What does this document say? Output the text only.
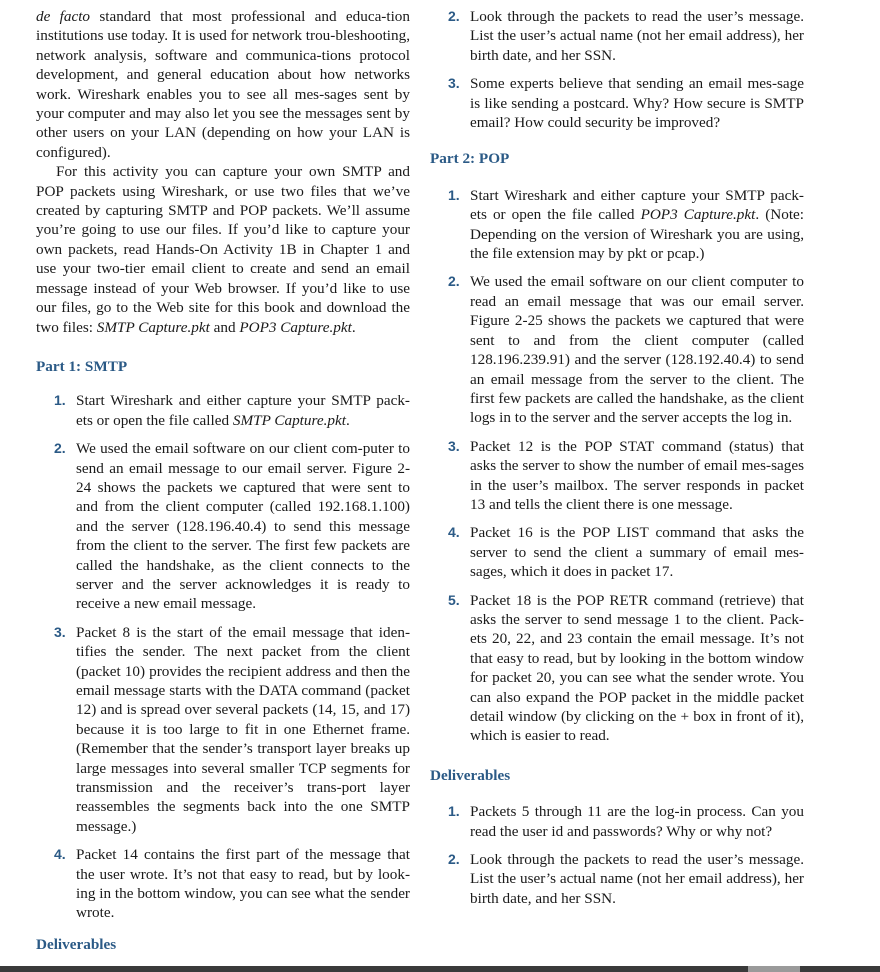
de facto standard that most professional and educa-tion institutions use today. It is used for network trou-bleshooting, network analysis, software and communica-tions protocol development, and general education about how networks work. Wireshark enables you to see all mes-sages sent by your computer and may also let you see the messages sent by other users on your LAN (depending on how your LAN is configured).

For this activity you can capture your own SMTP and POP packets using Wireshark, or use two files that we’ve created by capturing SMTP and POP packets. We’ll assume you’re going to use our files. If you’d like to capture your own packets, read Hands-On Activity 1B in Chapter 1 and use your two-tier email client to create and send an email message instead of your Web browser. If you’d like to use our files, go to the Web site for this book and download the two files: SMTP Capture.pkt and POP3 Capture.pkt.

Part 1: SMTP
1. Start Wireshark and either capture your SMTP pack-ets or open the file called SMTP Capture.pkt.
2. We used the email software on our client com-puter to send an email message to our email server. Figure 2-24 shows the packets we captured that were sent to and from the client computer (called 192.168.1.100) and the server (128.196.40.4) to send this message from the client to the server. The first few packets are called the handshake, as the client connects to the server and the server acknowledges it is ready to receive a new email message.
3. Packet 8 is the start of the email message that iden-tifies the sender. The next packet from the client (packet 10) provides the recipient address and then the email message starts with the DATA command (packet 12) and is spread over several packets (14, 15, and 17) because it is too large to fit in one Ethernet frame. (Remember that the sender’s transport layer breaks up large messages into several smaller TCP segments for transmission and the receiver’s trans-port layer reassembles the segments back into the one SMTP message.)
4. Packet 14 contains the first part of the message that the user wrote. It’s not that easy to read, but by look-ing in the bottom window, you can see what the sender wrote.
Deliverables
2. Look through the packets to read the user’s message. List the user’s actual name (not her email address), her birth date, and her SSN.
3. Some experts believe that sending an email mes-sage is like sending a postcard. Why? How secure is SMTP email? How could security be improved?
Part 2: POP
1. Start Wireshark and either capture your SMTP pack-ets or open the file called POP3 Capture.pkt. (Note: Depending on the version of Wireshark you are using, the file extension may by pkt or pcap.)
2. We used the email software on our client computer to read an email message that was our email server. Figure 2-25 shows the packets we captured that were sent to and from the client computer (called 128.196.239.91) and the server (128.192.40.4) to send an email message from the server to the client. The first few packets are called the handshake, as the client logs in to the server and the server accepts the log in.
3. Packet 12 is the POP STAT command (status) that asks the server to show the number of email mes-sages in the user’s mailbox. The server responds in packet 13 and tells the client there is one message.
4. Packet 16 is the POP LIST command that asks the server to send the client a summary of email mes-sages, which it does in packet 17.
5. Packet 18 is the POP RETR command (retrieve) that asks the server to send message 1 to the client. Pack-ets 20, 22, and 23 contain the email message. It’s not that easy to read, but by looking in the bottom window for packet 20, you can see what the sender wrote. You can also expand the POP packet in the middle packet detail window (by clicking on the + box in front of it), which is easier to read.
Deliverables
1. Packets 5 through 11 are the log-in process. Can you read the user id and passwords? Why or why not?
2. Look through the packets to read the user’s message. List the user’s actual name (not her email address), her birth date, and her SSN.
